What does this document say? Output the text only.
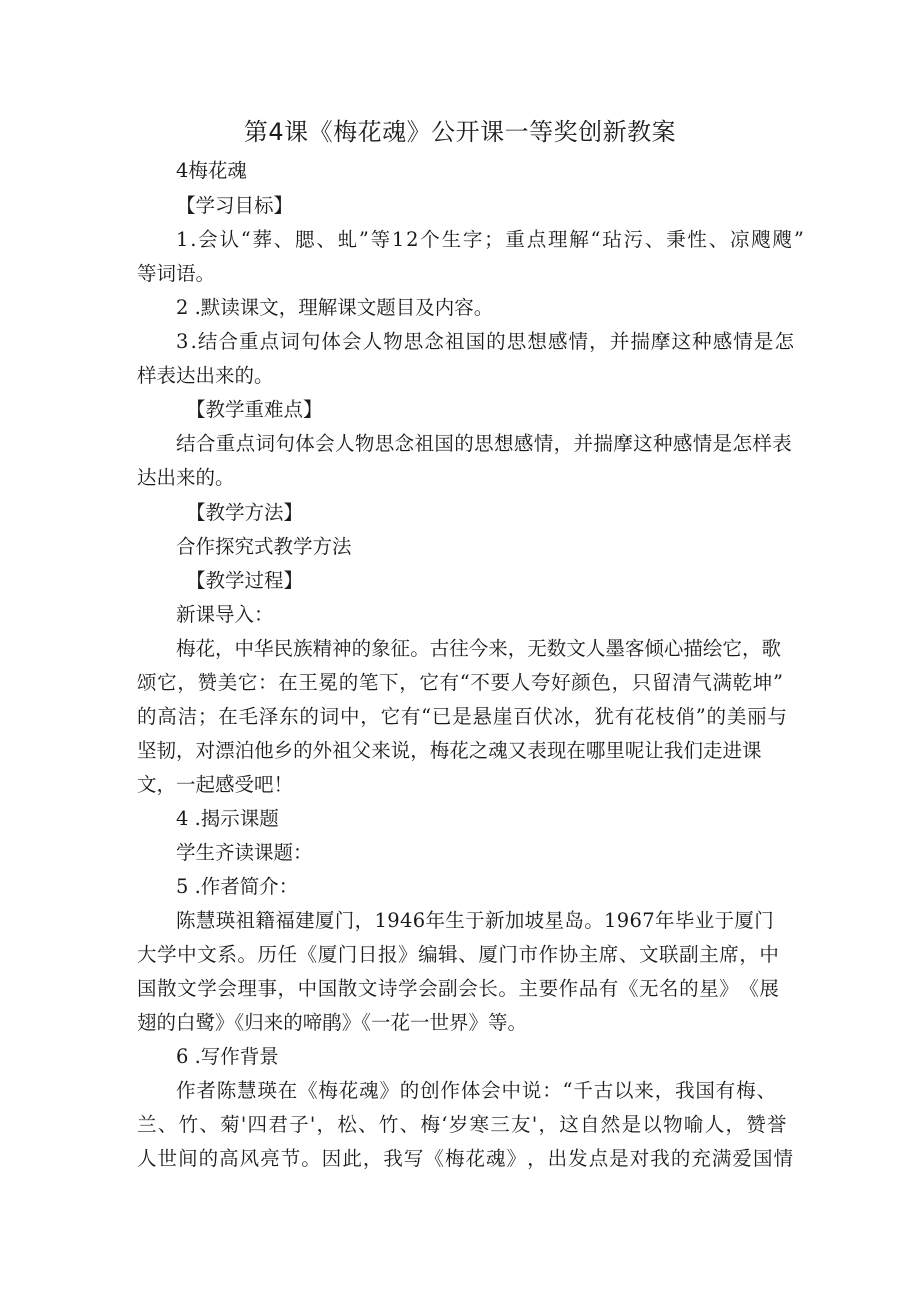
第4课《梅花魂》公开课一等奖创新教案

4梅花魂

【学习目标】

1 . 会 认 “ 葬 、 腮 、 虬 ” 等 1 2 个 生 字 ； 重 点 理 解 “ 玷 污 、 秉 性 、 凉 飕 飕 ”

等词语。

2 .默读课文，理解课文题目及内容。

3 . 结 合 重 点 词 句 体 会 人 物 思 念 祖 国 的 思 想 感 情 ， 并 揣 摩 这 种 感 情 是 怎

样表达出来的。

【教学重难点】

结 合 重 点 词 句 体 会 人 物 思 念 祖 国 的 思 想 感 情 ， 并 揣 摩 这 种 感 情 是 怎 样 表

达出来的。

【教学方法】

合作探究式教学方法

【教学过程】

新课导入：

梅 花 ， 中 华 民 族 精 神 的 象 征 。 古 往 今 来 ， 无 数 文 人 墨 客 倾 心 描 绘 它 ， 歌

颂 它 ， 赞 美 它 ： 在 王 冕 的 笔 下 ， 它 有 “ 不 要 人 夸 好 颜 色 ， 只 留 清 气 满 乾 坤 ”

的 高 洁 ； 在 毛 泽 东 的 词 中 ， 它 有 “ 已 是 悬 崖 百 伏 冰 ， 犹 有 花 枝 俏 ” 的 美 丽 与

坚 韧 ， 对 漂 泊 他 乡 的 外 祖 父 来 说 ， 梅 花 之 魂 又 表 现 在 哪 里 呢 让 我 们 走 进 课

文，一起感受吧！

4 .揭示课题

学生齐读课题：

5 .作者简介：

陈 慧 瑛 祖 籍 福 建 厦 门 ， 1 9 4 6 年 生 于 新 加 坡 星 岛 。 1 9 6 7 年 毕 业 于 厦 门

大 学 中 文 系 。 历 任 《 厦 门 日 报 》 编 辑 、 厦 门 市 作 协 主 席 、 文 联 副 主 席 ， 中

国 散 文 学 会 理 事 ， 中 国 散 文 诗 学 会 副 会 长 。 主 要 作 品 有 《 无 名 的 星 》 《 展

翅的白鹭》《归来的啼鹃》《一花一世界》等。

6 .写作背景

作 者 陈 慧 瑛 在 《 梅 花 魂 》 的 创 作 体 会 中 说 ： “ 千 古 以 来 ， 我 国 有 梅 、

兰 、 竹 、 菊 ' 四 君 子 ' ， 松 、 竹 、 梅 ‘ 岁 寒 三 友 ' ， 这 自 然 是 以 物 喻 人 ， 赞 誉

人 世 间 的 高 风 亮 节 。 因 此 ， 我 写 《 梅 花 魂 》 ， 出 发 点 是 对 我 的 充 满 爱 国 情
